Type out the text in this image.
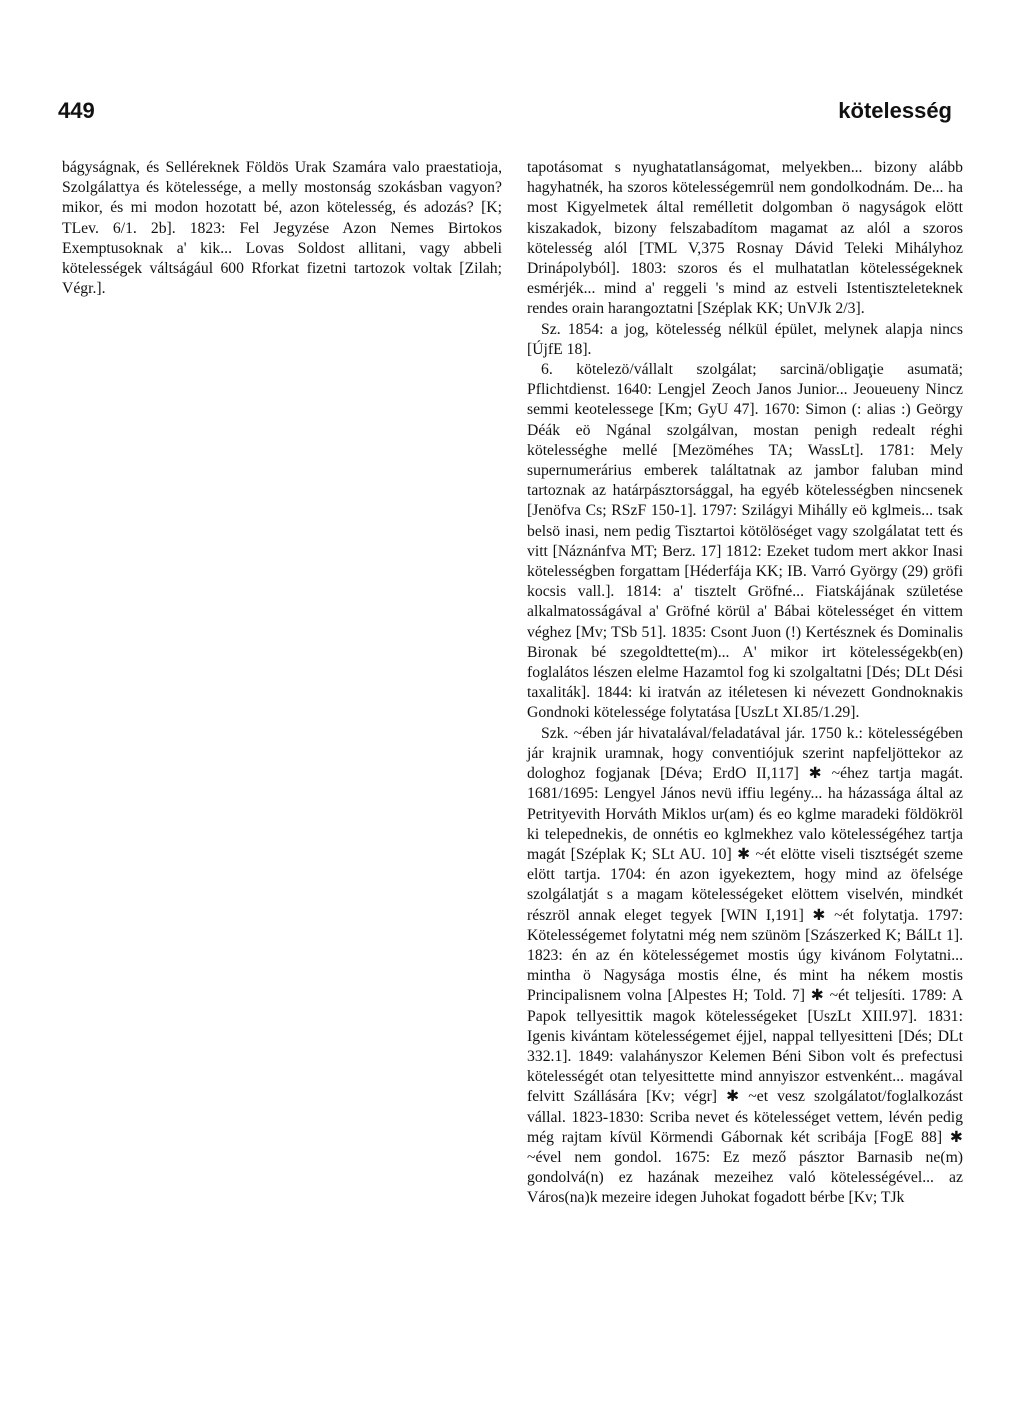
449	kötelesség

bágyságnak, és Selléreknek Földös Urak Szamára valo praestatioja, Szolgálattya és kötelessége, a melly mostonság szokásban vagyon? mikor, és mi modon hozotatt bé, azon kötelesség, és adozás? [K; TLev. 6/1. 2b]. 1823: Fel Jegyzése Azon Nemes Birtokos Exemptusoknak a' kik... Lovas Soldost allitani, vagy abbeli kötelességek váltságául 600 Rforkat fizetni tartozok voltak [Zilah; Végr.].

tapotásomat s nyughatatlanságomat, melyekben... bizony alább hagyhatnék, ha szoros kötelességemrül nem gondolkodnám. De... ha most Kigyelmetek által remélletit dolgomban ö nagyságok elött kiszakadok, bizony felszabadítom magamat az alól a szoros kötelesség alól [TML V,375 Rosnay Dávid Teleki Mihályhoz Drinápolyból]. 1803: szoros és el mulhatatlan kötelességeknek esmérjék... mind a' reggeli 's mind az estveli Istentiszteleteknek rendes orain harangoztatni [Széplak KK; UnVJk 2/3].

Sz. 1854: a jog, kötelesség nélkül épület, melynek alapja nincs [ÚjfE 18].

6. kötelezö/vállalt szolgálat; sarcinä/obligaţie asumatä; Pflichtdienst. 1640: Lengjel Zeoch Janos Junior... Jeoueueny Nincz semmi keotelessege [Km; GyU 47]. 1670: Simon (: alias :) Geörgy Déák eö Ngánal szolgálvan, mostan penigh redealt réghi kötelességhe mellé [Mezöméhes TA; WassLt]. 1781: Mely supernumerárius emberek találtatnak az jambor faluban mind tartoznak az határpásztorsággal, ha egyéb kötelességben nincsenek [Jenöfva Cs; RSzF 150-1]. 1797: Szilágyi Mihálly eö kglmeis... tsak belsö inasi, nem pedig Tisztartoi kötölöséget vagy szolgálatat tett és vitt [Náznánfva MT; Berz. 17] 1812: Ezeket tudom mert akkor Inasi kötelességben forgattam [Héderfája KK; IB. Varró György (29) gröfi kocsis vall.]. 1814: a' tisztelt Gröfné... Fiatskájának születése alkalmatosságával a' Gröfné körül a' Bábai kötelességet én vittem véghez [Mv; TSb 51]. 1835: Csont Juon (!) Kertésznek és Dominalis Bironak bé szegoldtette(m)... A' mikor irt kötelességekb(en) foglalátos lészen elelme Hazamtol fog ki szolgaltatni [Dés; DLt Dési taxaliták]. 1844: ki iratván az itéletesen ki névezett Gondnoknakis Gondnoki kötelessége folytatása [UszLt XI.85/1.29].

Szk. ~ében jár hivatalával/feladatával jár. 1750 k.: kötelességében jár krajnik uramnak, hogy conventiójuk szerint napfeljöttekor az dologhoz fogjanak [Déva; ErdO II,117] ✱ ~éhez tartja magát. 1681/1695: Lengyel János nevü iffiu legény... ha házassága által az Petrityevith Horváth Miklos ur(am) és eo kglme maradeki földökröl ki telepednekis, de onnétis eo kglmekhez valo kötelességéhez tartja magát [Széplak K; SLt AU. 10] ✱ ~ét elötte viseli tisztségét szeme elött tartja. 1704: én azon igyekeztem, hogy mind az öfelsége szolgálatját s a magam kötelességeket elöttem viselvén, mindkét részröl annak eleget tegyek [WIN I,191] ✱ ~ét folytatja. 1797: Kötelességemet folytatni még nem szünöm [Szászerked K; BálLt 1]. 1823: én az én kötelességemet mostis úgy kivánom Folytatni... mintha ö Nagysága mostis élne, és mint ha nékem mostis Principalisnem volna [Alpestes H; Told. 7] ✱ ~ét teljesíti. 1789: A Papok tellyesittik magok kötelességeket [UszLt XIII.97]. 1831: Igenis kivántam kötelességemet éjjel, nappal tellyesitteni [Dés; DLt 332.1]. 1849: valahányszor Kelemen Béni Sibon volt és prefectusi kötelességét otan telyesittette mind annyiszor estvenként... magával felvitt Szállására [Kv; végr] ✱ ~et vesz szolgálatot/foglalkozást vállal. 1823-1830: Scriba nevet és kötelességet vettem, lévén pedig még rajtam kívül Körmendi Gábornak két scribája [FogE 88] ✱ ~ével nem gondol. 1675: Ez mező pásztor Barnasib ne(m) gondolvá(n) ez hazának mezeihez való kötelességével... az Város(na)k mezeire idegen Juhokat fogadott bérbe [Kv; TJk
